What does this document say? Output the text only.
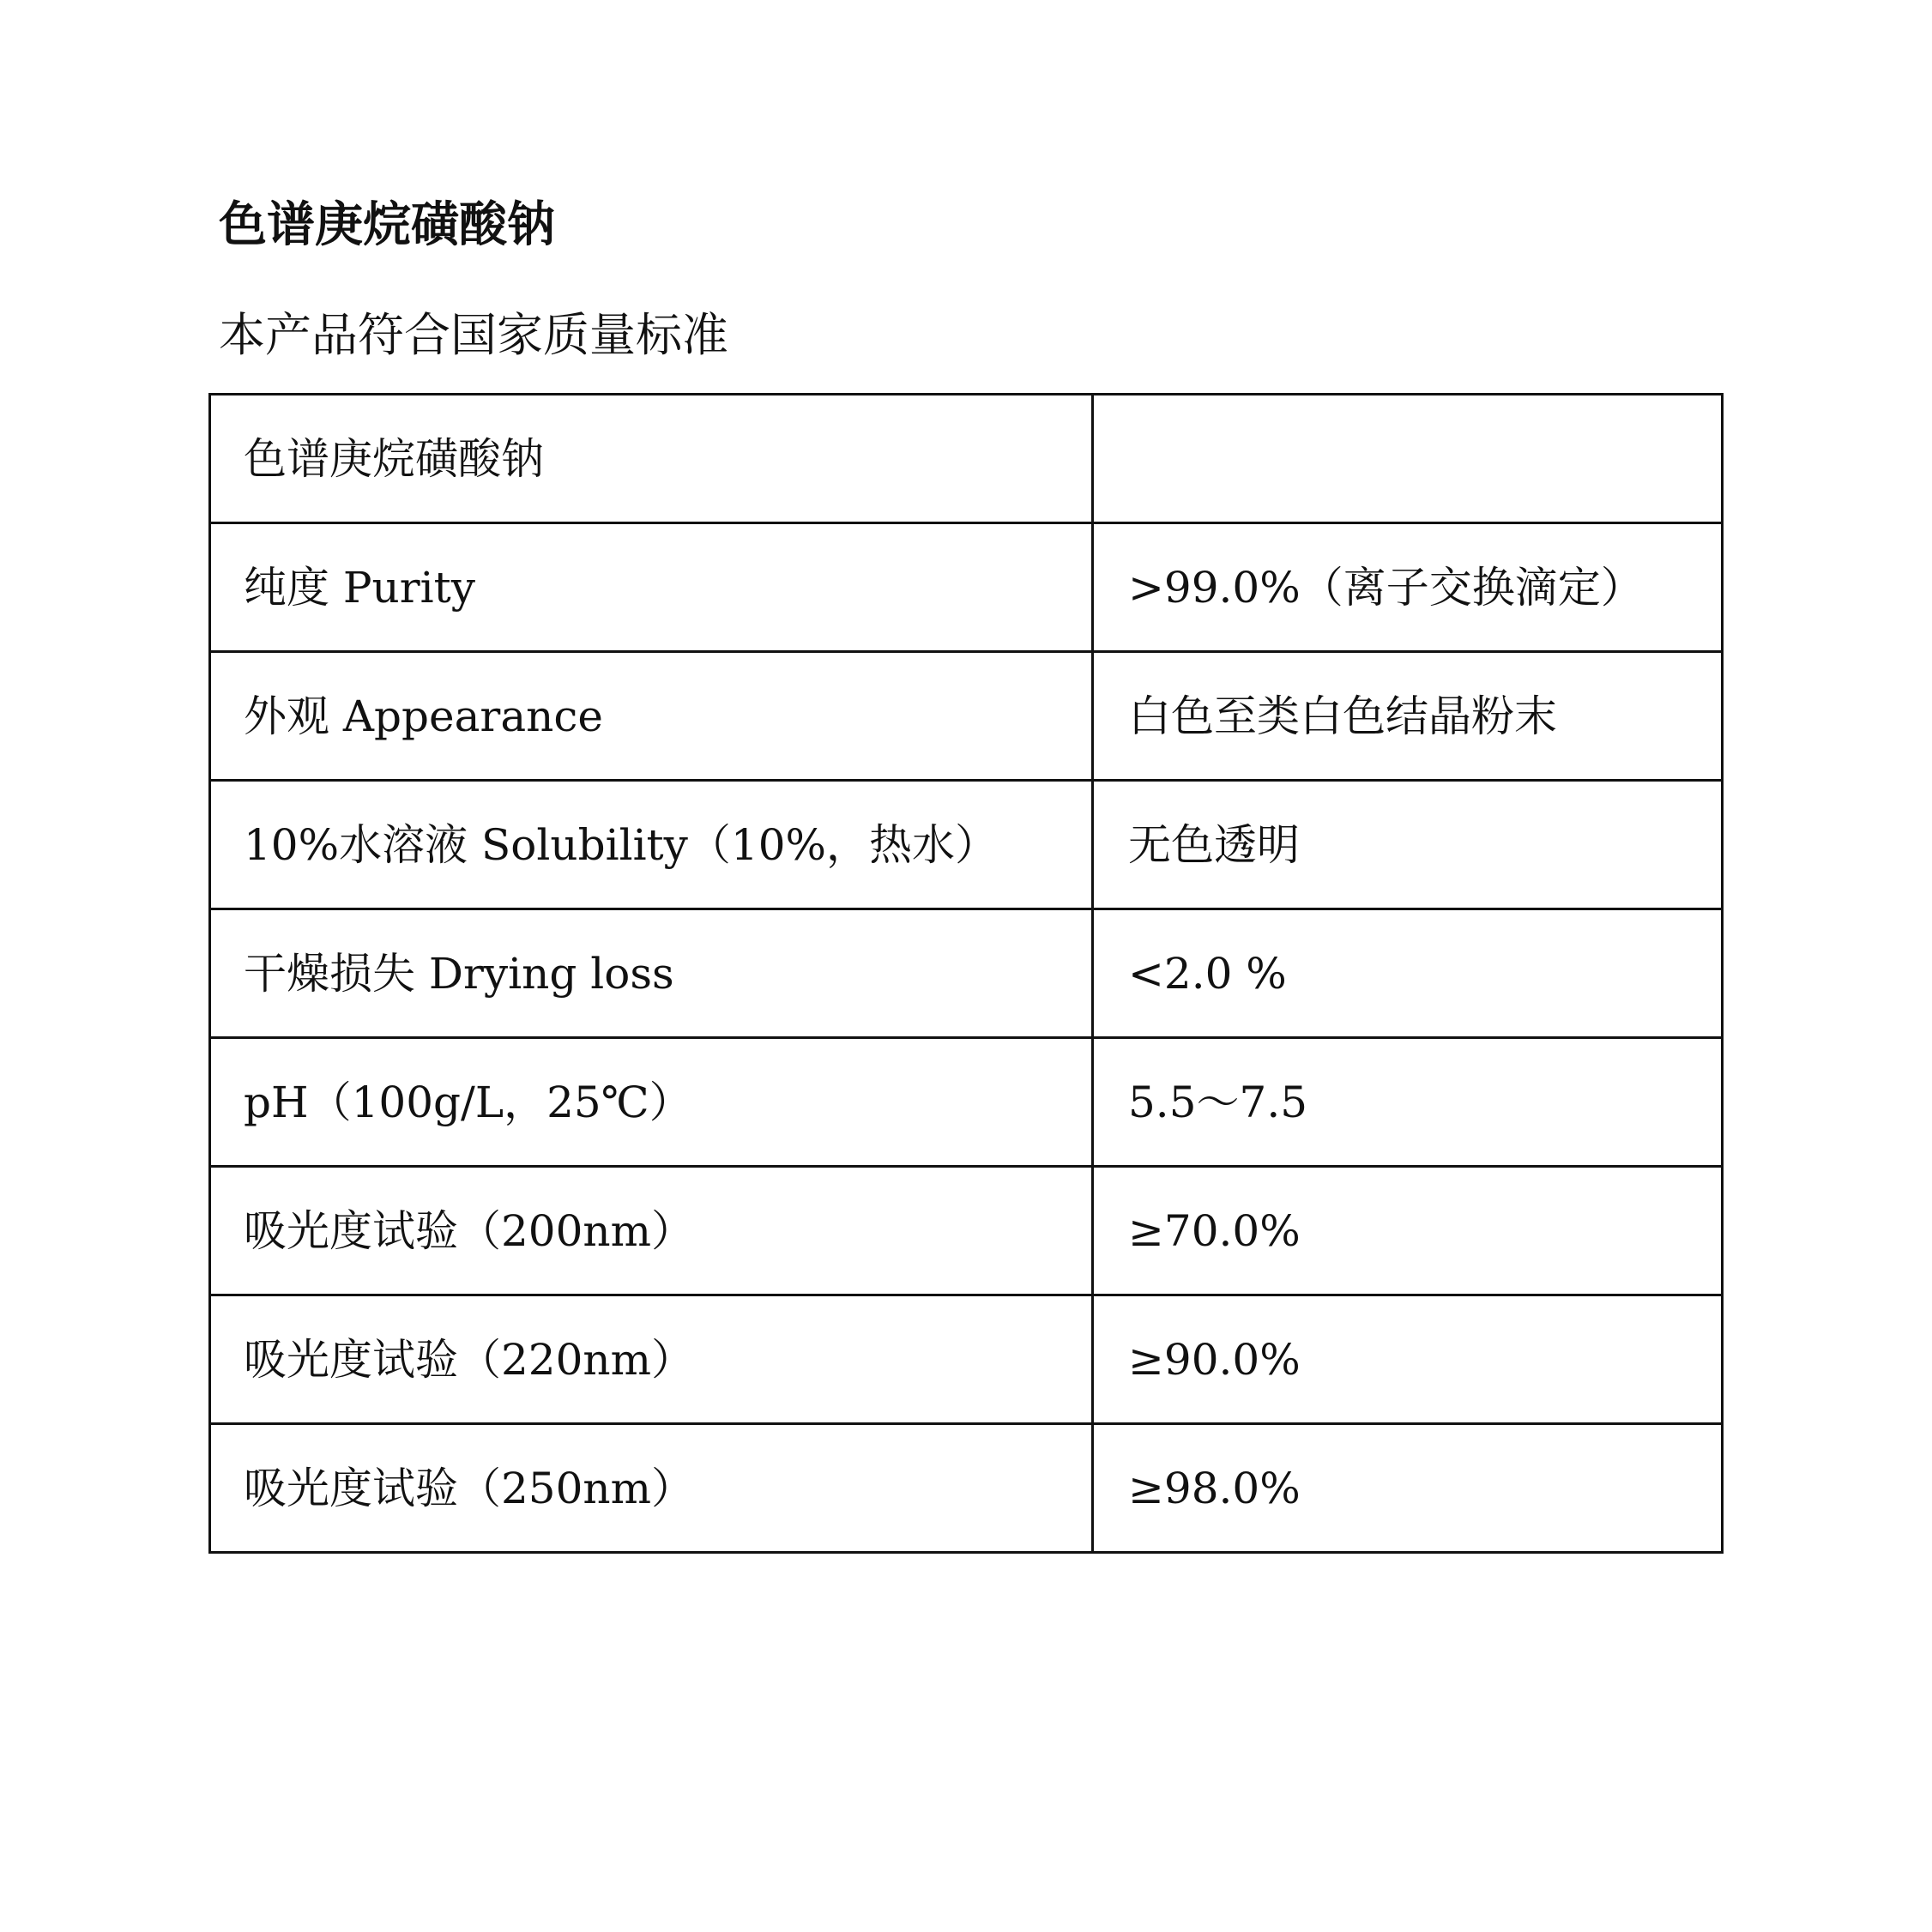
色谱庚烷磺酸钠
本产品符合国家质量标准
色谱庚烷磺酸钠	
纯度 Purity	>99.0%（离子交换滴定）
外观 Appearance	白色至类白色结晶粉末
10%水溶液 Solubility（10%，热水）	无色透明
干燥损失 Drying loss	<2.0 %
pH（100g/L，25℃）	5.5～7.5
吸光度试验（200nm）	≥70.0%
吸光度试验（220nm）	≥90.0%
吸光度试验（250nm）	≥98.0%
